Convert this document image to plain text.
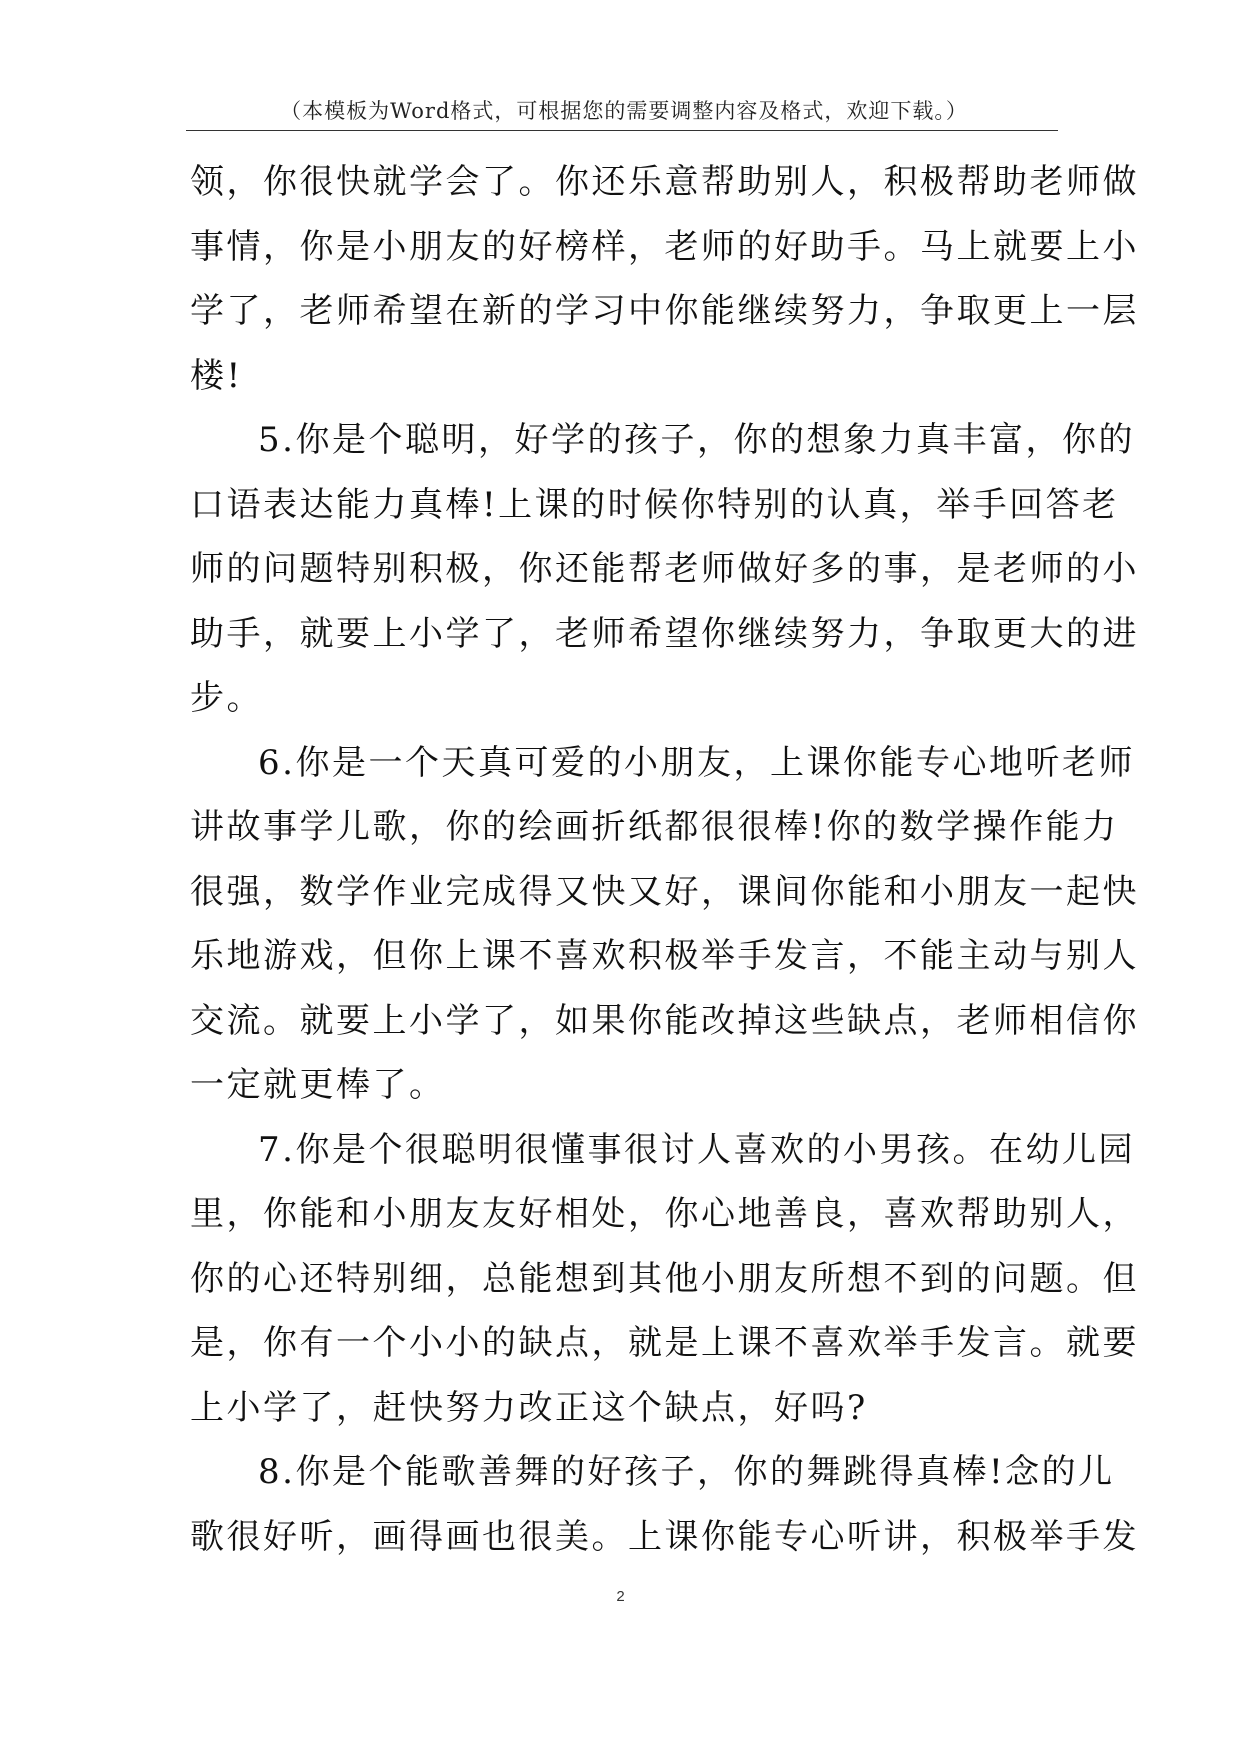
（本模板为Word格式，可根据您的需要调整内容及格式，欢迎下载。）
领，你很快就学会了。你还乐意帮助别人，积极帮助老师做
事情，你是小朋友的好榜样，老师的好助手。马上就要上小
学了，老师希望在新的学习中你能继续努力，争取更上一层
楼!
5.你是个聪明，好学的孩子，你的想象力真丰富，你的
口语表达能力真棒!上课的时候你特别的认真，举手回答老
师的问题特别积极，你还能帮老师做好多的事，是老师的小
助手，就要上小学了，老师希望你继续努力，争取更大的进
步。
6.你是一个天真可爱的小朋友，上课你能专心地听老师
讲故事学儿歌，你的绘画折纸都很很棒!你的数学操作能力
很强，数学作业完成得又快又好，课间你能和小朋友一起快
乐地游戏，但你上课不喜欢积极举手发言，不能主动与别人
交流。就要上小学了，如果你能改掉这些缺点，老师相信你
一定就更棒了。
7.你是个很聪明很懂事很讨人喜欢的小男孩。在幼儿园
里，你能和小朋友友好相处，你心地善良，喜欢帮助别人，
你的心还特别细，总能想到其他小朋友所想不到的问题。但
是，你有一个小小的缺点，就是上课不喜欢举手发言。就要
上小学了，赶快努力改正这个缺点，好吗?
8.你是个能歌善舞的好孩子，你的舞跳得真棒!念的儿
歌很好听，画得画也很美。上课你能专心听讲，积极举手发
2
